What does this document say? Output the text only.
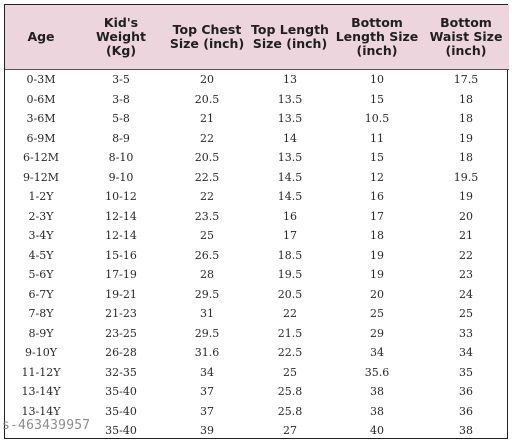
Age	Kid's Weight (Kg)	Top Chest Size (inch)	Top Length Size (inch)	Bottom Length Size (inch)	Bottom Waist Size (inch)
0-3M	3-5	20	13	10	17.5
0-6M	3-8	20.5	13.5	15	18
3-6M	5-8	21	13.5	10.5	18
6-9M	8-9	22	14	11	19
6-12M	8-10	20.5	13.5	15	18
9-12M	9-10	22.5	14.5	12	19.5
1-2Y	10-12	22	14.5	16	19
2-3Y	12-14	23.5	16	17	20
3-4Y	12-14	25	17	18	21
4-5Y	15-16	26.5	18.5	19	22
5-6Y	17-19	28	19.5	19	23
6-7Y	19-21	29.5	20.5	20	24
7-8Y	21-23	31	22	25	25
8-9Y	23-25	29.5	21.5	29	33
9-10Y	26-28	31.6	22.5	34	34
11-12Y	32-35	34	25	35.6	35
13-14Y	35-40	37	25.8	38	36
13-14Y	35-40	37	25.8	38	36
	35-40	39	27	40	38
s-463439957
